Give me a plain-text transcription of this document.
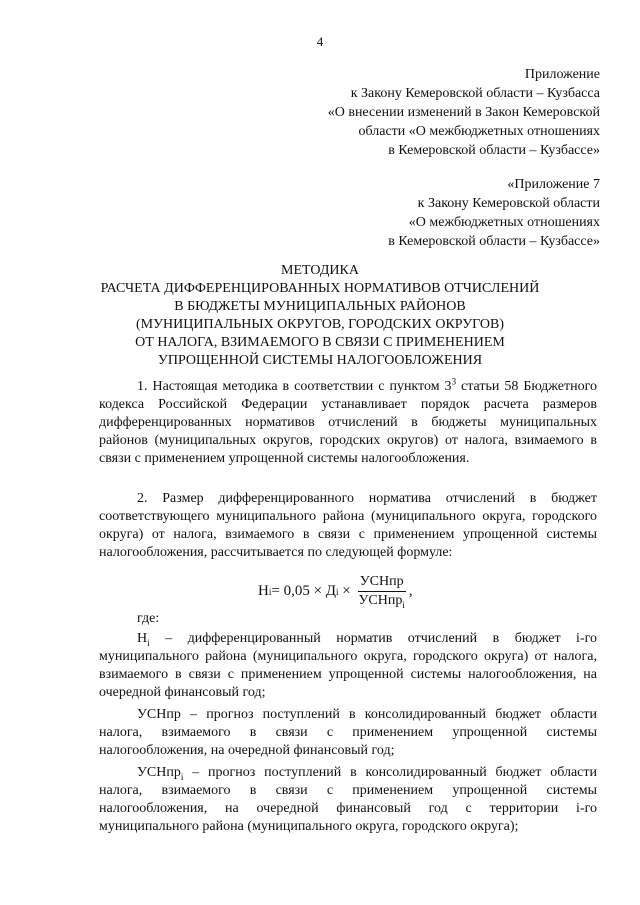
4
Приложение
к Закону Кемеровской области – Кузбасса
«О внесении изменений в Закон Кемеровской
области «О межбюджетных отношениях
в Кемеровской области – Кузбассе»
«Приложение 7
к Закону Кемеровской области
«О межбюджетных отношениях
в Кемеровской области – Кузбассе»
МЕТОДИКА
РАСЧЕТА ДИФФЕРЕНЦИРОВАННЫХ НОРМАТИВОВ ОТЧИСЛЕНИЙ
В БЮДЖЕТЫ МУНИЦИПАЛЬНЫХ РАЙОНОВ
(МУНИЦИПАЛЬНЫХ ОКРУГОВ, ГОРОДСКИХ ОКРУГОВ)
ОТ НАЛОГА, ВЗИМАЕМОГО В СВЯЗИ С ПРИМЕНЕНИЕМ
УПРОЩЕННОЙ СИСТЕМЫ НАЛОГООБЛОЖЕНИЯ

1. Настоящая методика в соответствии с пунктом $3^3$ статьи 58 Бюджетного кодекса Российской Федерации устанавливает порядок расчета размеров дифференцированных нормативов отчислений в бюджеты муниципальных районов (муниципальных округов, городских округов) от налога, взимаемого в связи с применением упрощенной системы налогообложения.

2. Размер дифференцированного норматива отчислений в бюджет соответствующего муниципального района (муниципального округа, городского округа) от налога, взимаемого в связи с применением упрощенной системы налогообложения, рассчитывается по следующей формуле:

Н i = 0,05 × Д $i \times \frac{\text{УСНпр}}{УСНпр_i}$ ,
где:

$Н_i$ – дифференцированный норматив отчислений в бюджет i-го муниципального района (муниципального округа, городского округа) от налога, взимаемого в связи с применением упрощенной системы налогообложения, на очередной финансовый год;

УСНпр – прогноз поступлений в консолидированный бюджет области налога, взимаемого в связи с применением упрощенной системы налогообложения, на очередной финансовый год;

УСНпр$_i$ – прогноз поступлений в консолидированный бюджет области налога, взимаемого в связи с применением упрощенной системы налогообложения, на очередной финансовый год с территории i-го муниципального района (муниципального округа, городского округа);
